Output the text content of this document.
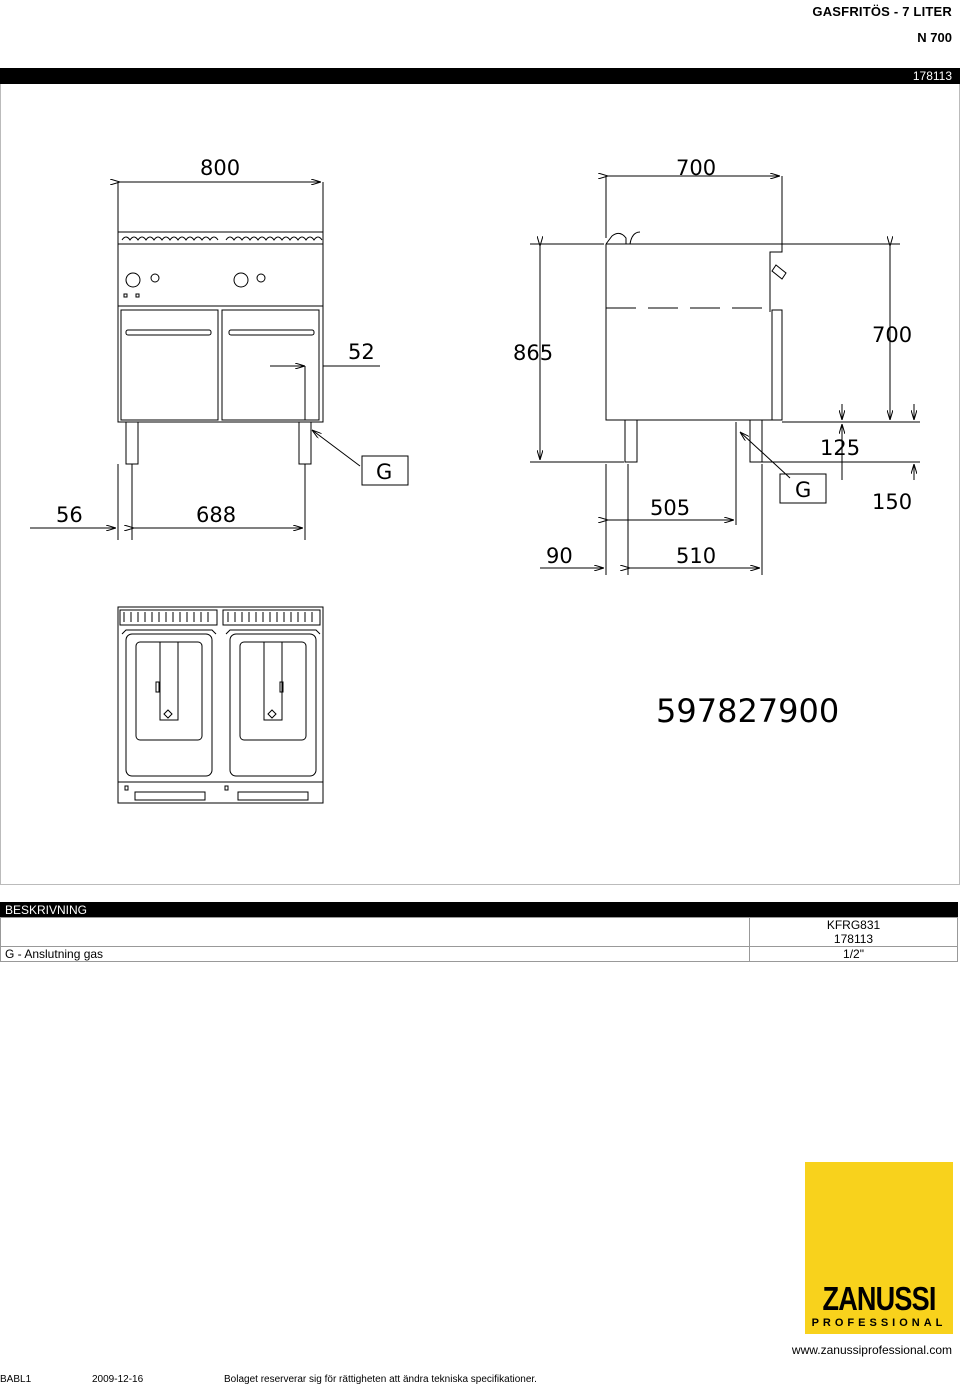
GASFRITÖS - 7 LITER
N 700
178113
800
52
56	688
G
700
865
700
125
150
505
510
90
G
597827900
BESKRIVNING

	KFRG831
178113

G - Anslutning gas	1/2"
ZANUSSI
PROFESSIONAL
www.zanussiprofessional.com
BABL1	2009-12-16	Bolaget reserverar sig för rättigheten att ändra tekniska specifikationer.
